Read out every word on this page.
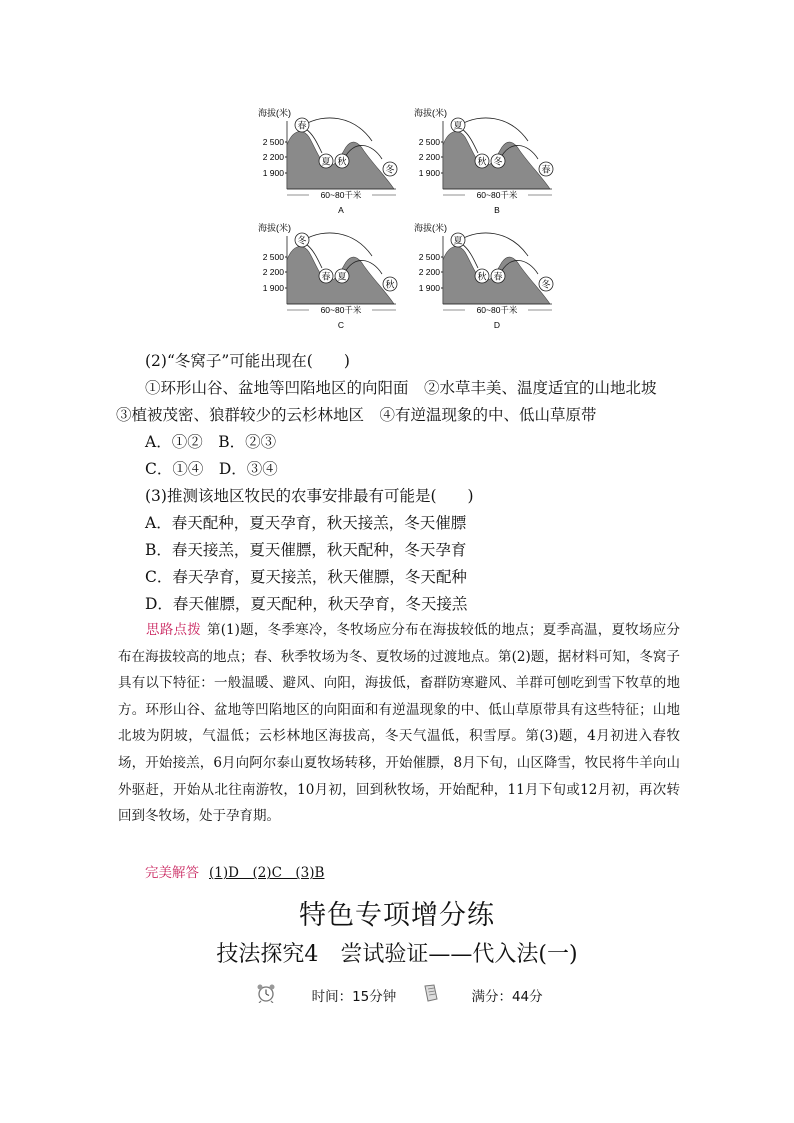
海拔(米)
2 500
2 200
1 900
60~80千米
A
春
夏 秋
冬
海拔(米)
2 500
2 200
1 900
60~80千米
B
夏
秋 冬
春
海拔(米)
2 500
2 200
1 900
60~80千米
C
冬
春 夏
秋
海拔(米)
2 500
2 200
1 900
60~80千米
D
夏
秋 春
冬
(2)“冬窝子”可能出现在(　　)
①环形山谷、盆地等凹陷地区的向阳面　②水草丰美、温度适宜的山地北坡
③植被茂密、狼群较少的云杉林地区　④有逆温现象的中、低山草原带
A．①②　B．②③
C．①④　D．③④
(3)推测该地区牧民的农事安排最有可能是(　　)
A．春天配种，夏天孕育，秋天接羔，冬天催膘
B．春天接羔，夏天催膘，秋天配种，冬天孕育
C．春天孕育，夏天接羔，秋天催膘，冬天配种
D．春天催膘，夏天配种，秋天孕育，冬天接羔

思路点拨 第(1)题，冬季寒冷，冬牧场应分布在海拔较低的地点；夏季高温，夏牧场应分布在海拔较高的地点；春、秋季牧场为冬、夏牧场的过渡地点。第(2)题，据材料可知，冬窝子具有以下特征：一般温暖、避风、向阳，海拔低，畜群防寒避风、羊群可刨吃到雪下牧草的地方。环形山谷、盆地等凹陷地区的向阳面和有逆温现象的中、低山草原带具有这些特征；山地北坡为阴坡，气温低；云杉林地区海拔高，冬天气温低，积雪厚。第(3)题，4月初进入春牧场，开始接羔，6月向阿尔泰山夏牧场转移，开始催膘，8月下旬，山区降雪，牧民将牛羊向山外驱赶，开始从北往南游牧，10月初，回到秋牧场，开始配种，11月下旬或12月初，再次转回到冬牧场，处于孕育期。

完美解答 (1)D　(2)C　(3)B
特色专项增分练
技法探究4　尝试验证——代入法(一)
时间：15分钟	满分：44分
